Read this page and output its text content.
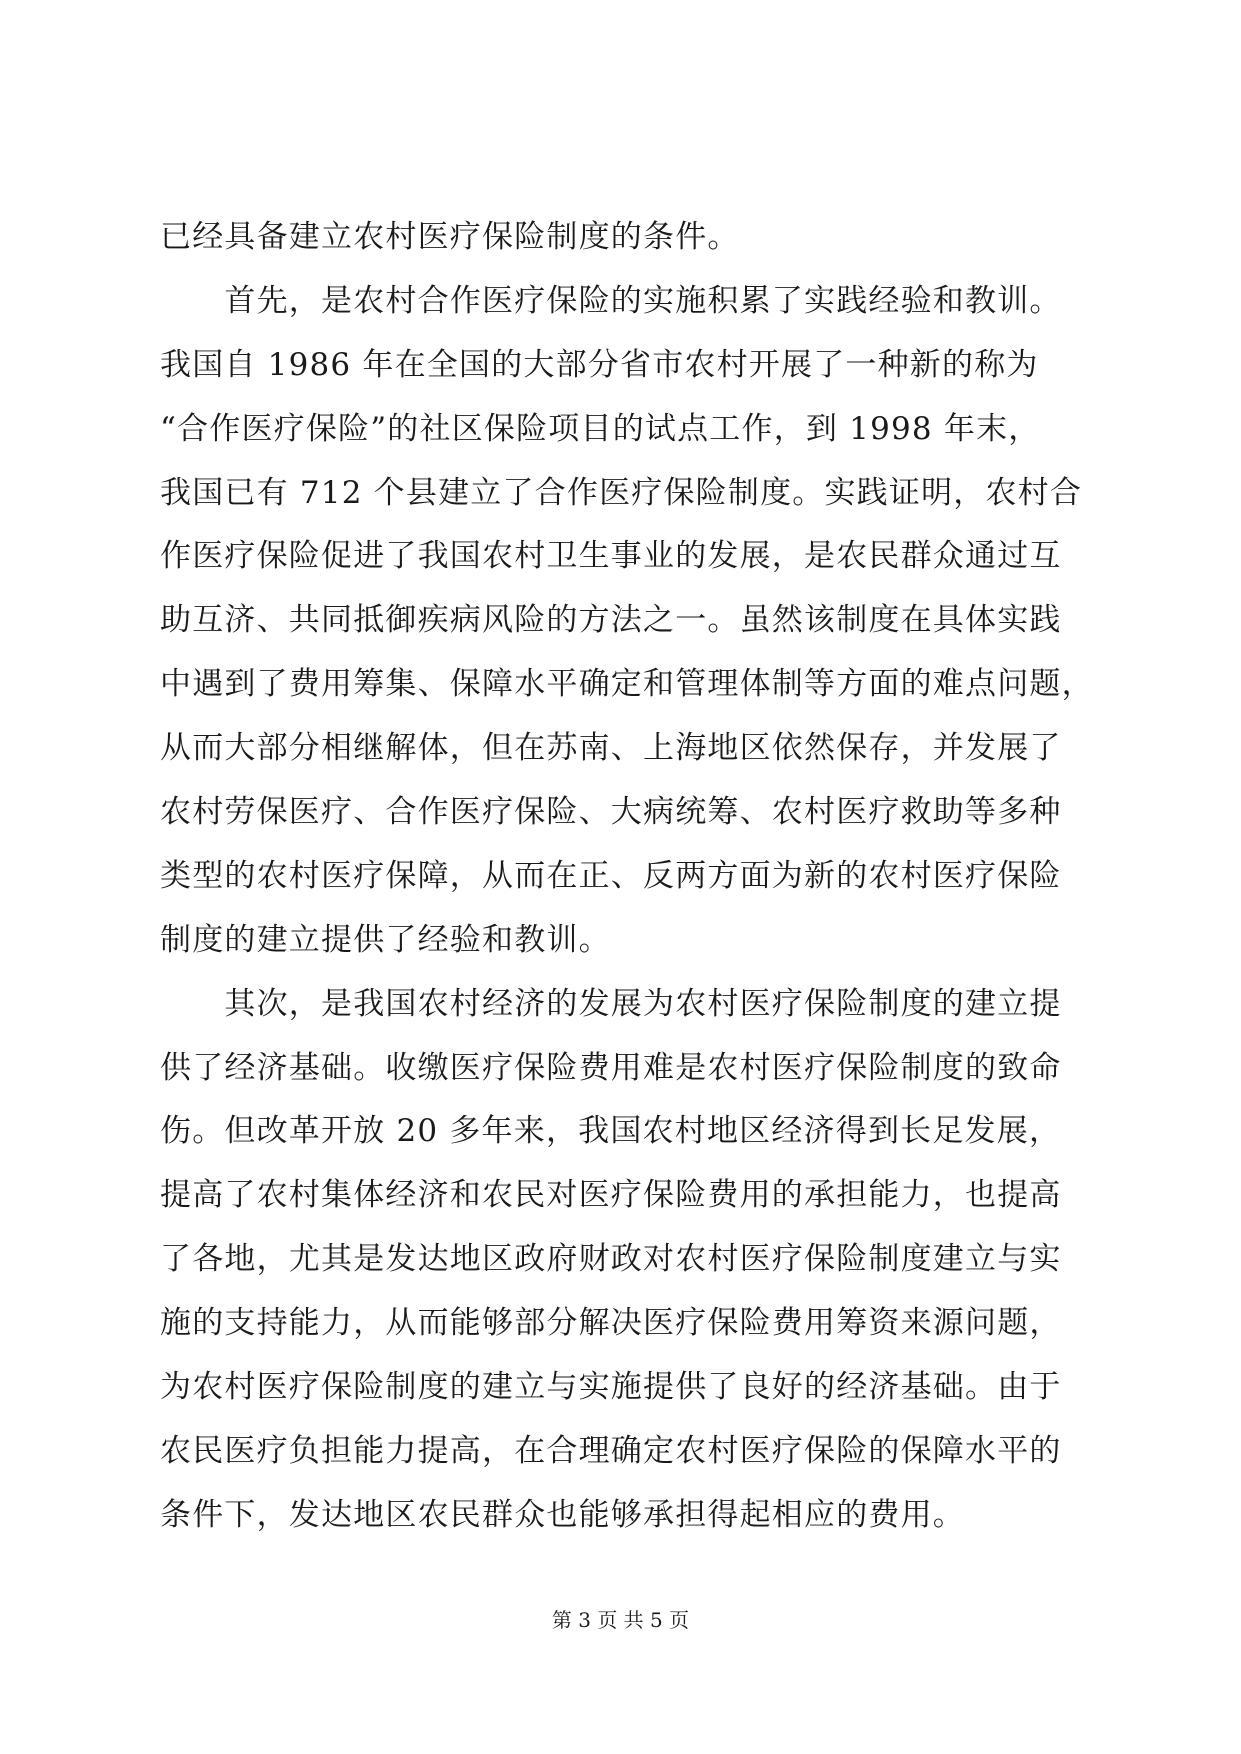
已经具备建立农村医疗保险制度的条件。
　　首先，是农村合作医疗保险的实施积累了实践经验和教训。
我国自 1986 年在全国的大部分省市农村开展了一种新的称为
“合作医疗保险”的社区保险项目的试点工作，到 1998 年末，
我国已有 712 个县建立了合作医疗保险制度。实践证明，农村合
作医疗保险促进了我国农村卫生事业的发展，是农民群众通过互
助互济、共同抵御疾病风险的方法之一。虽然该制度在具体实践
中遇到了费用筹集、保障水平确定和管理体制等方面的难点问题，
从而大部分相继解体，但在苏南、上海地区依然保存，并发展了
农村劳保医疗、合作医疗保险、大病统筹、农村医疗救助等多种
类型的农村医疗保障，从而在正、反两方面为新的农村医疗保险
制度的建立提供了经验和教训。
　　其次，是我国农村经济的发展为农村医疗保险制度的建立提
供了经济基础。收缴医疗保险费用难是农村医疗保险制度的致命
伤。但改革开放 20 多年来，我国农村地区经济得到长足发展，
提高了农村集体经济和农民对医疗保险费用的承担能力，也提高
了各地，尤其是发达地区政府财政对农村医疗保险制度建立与实
施的支持能力，从而能够部分解决医疗保险费用筹资来源问题，
为农村医疗保险制度的建立与实施提供了良好的经济基础。由于
农民医疗负担能力提高，在合理确定农村医疗保险的保障水平的
条件下，发达地区农民群众也能够承担得起相应的费用。
第 3 页 共 5 页
